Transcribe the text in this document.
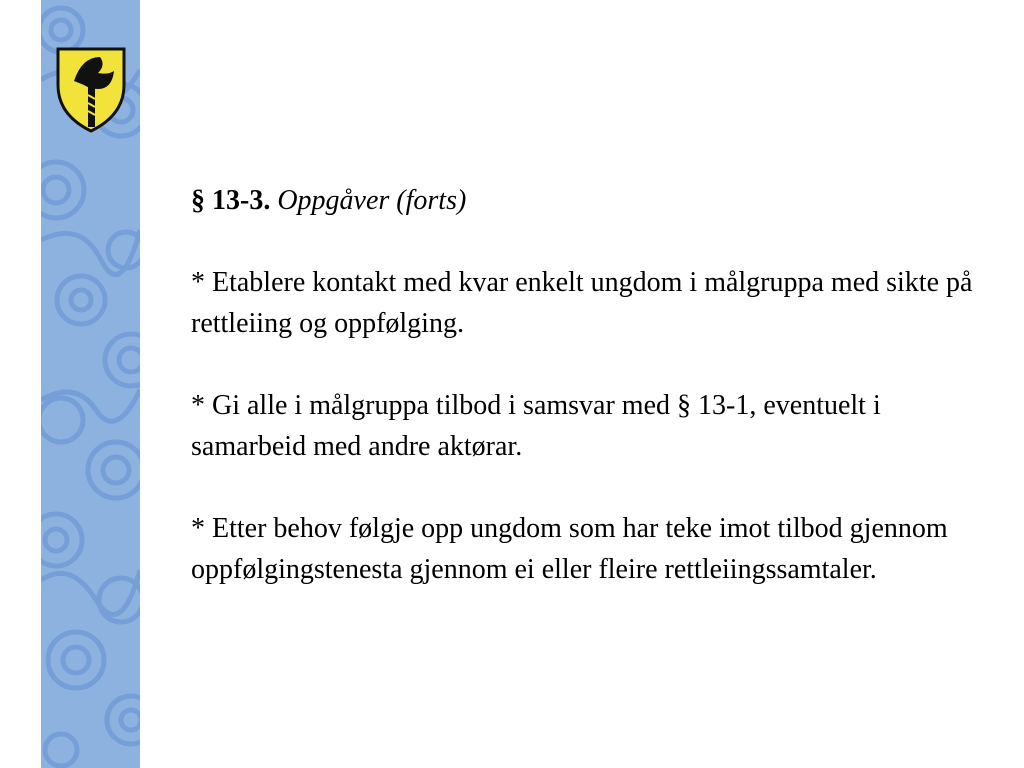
§ 13-3. Oppgåver (forts)
* Etablere kontakt med kvar enkelt ungdom i målgruppa med sikte på rettleiing og oppfølging.
* Gi alle i målgruppa tilbod i samsvar med § 13-1, eventuelt i samarbeid med andre aktørar.
* Etter behov følgje opp ungdom som har teke imot tilbod gjennom oppfølgingstenesta gjennom ei eller fleire rettleiingssamtaler.
